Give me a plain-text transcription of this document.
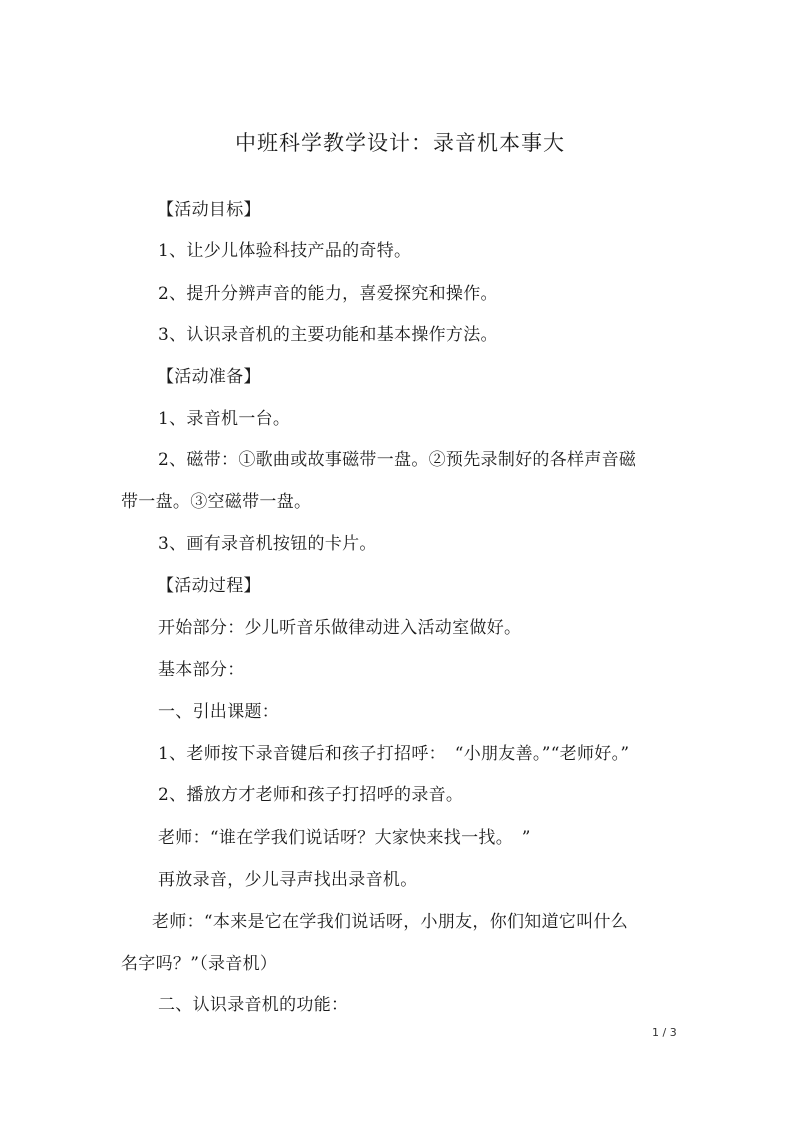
中班科学教学设计：录音机本事大
【活动目标】
1、让少儿体验科技产品的奇特。
2、提升分辨声音的能力，喜爱探究和操作。
3、认识录音机的主要功能和基本操作方法。
【活动准备】
1、录音机一台。
2、磁带：①歌曲或故事磁带一盘。②预先录制好的各样声音磁
带一盘。③空磁带一盘。
3、画有录音机按钮的卡片。
【活动过程】
开始部分：少儿听音乐做律动进入活动室做好。
基本部分：
一、引出课题：
1、老师按下录音键后和孩子打招呼：　“小朋友善。”“老师好。”
2、播放方才老师和孩子打招呼的录音。
老师：“谁在学我们说话呀？大家快来找一找。　”
再放录音，少儿寻声找出录音机。
老师：“本来是它在学我们说话呀，小朋友，你们知道它叫什么
名字吗？”（录音机）
二、认识录音机的功能：
1 / 3
